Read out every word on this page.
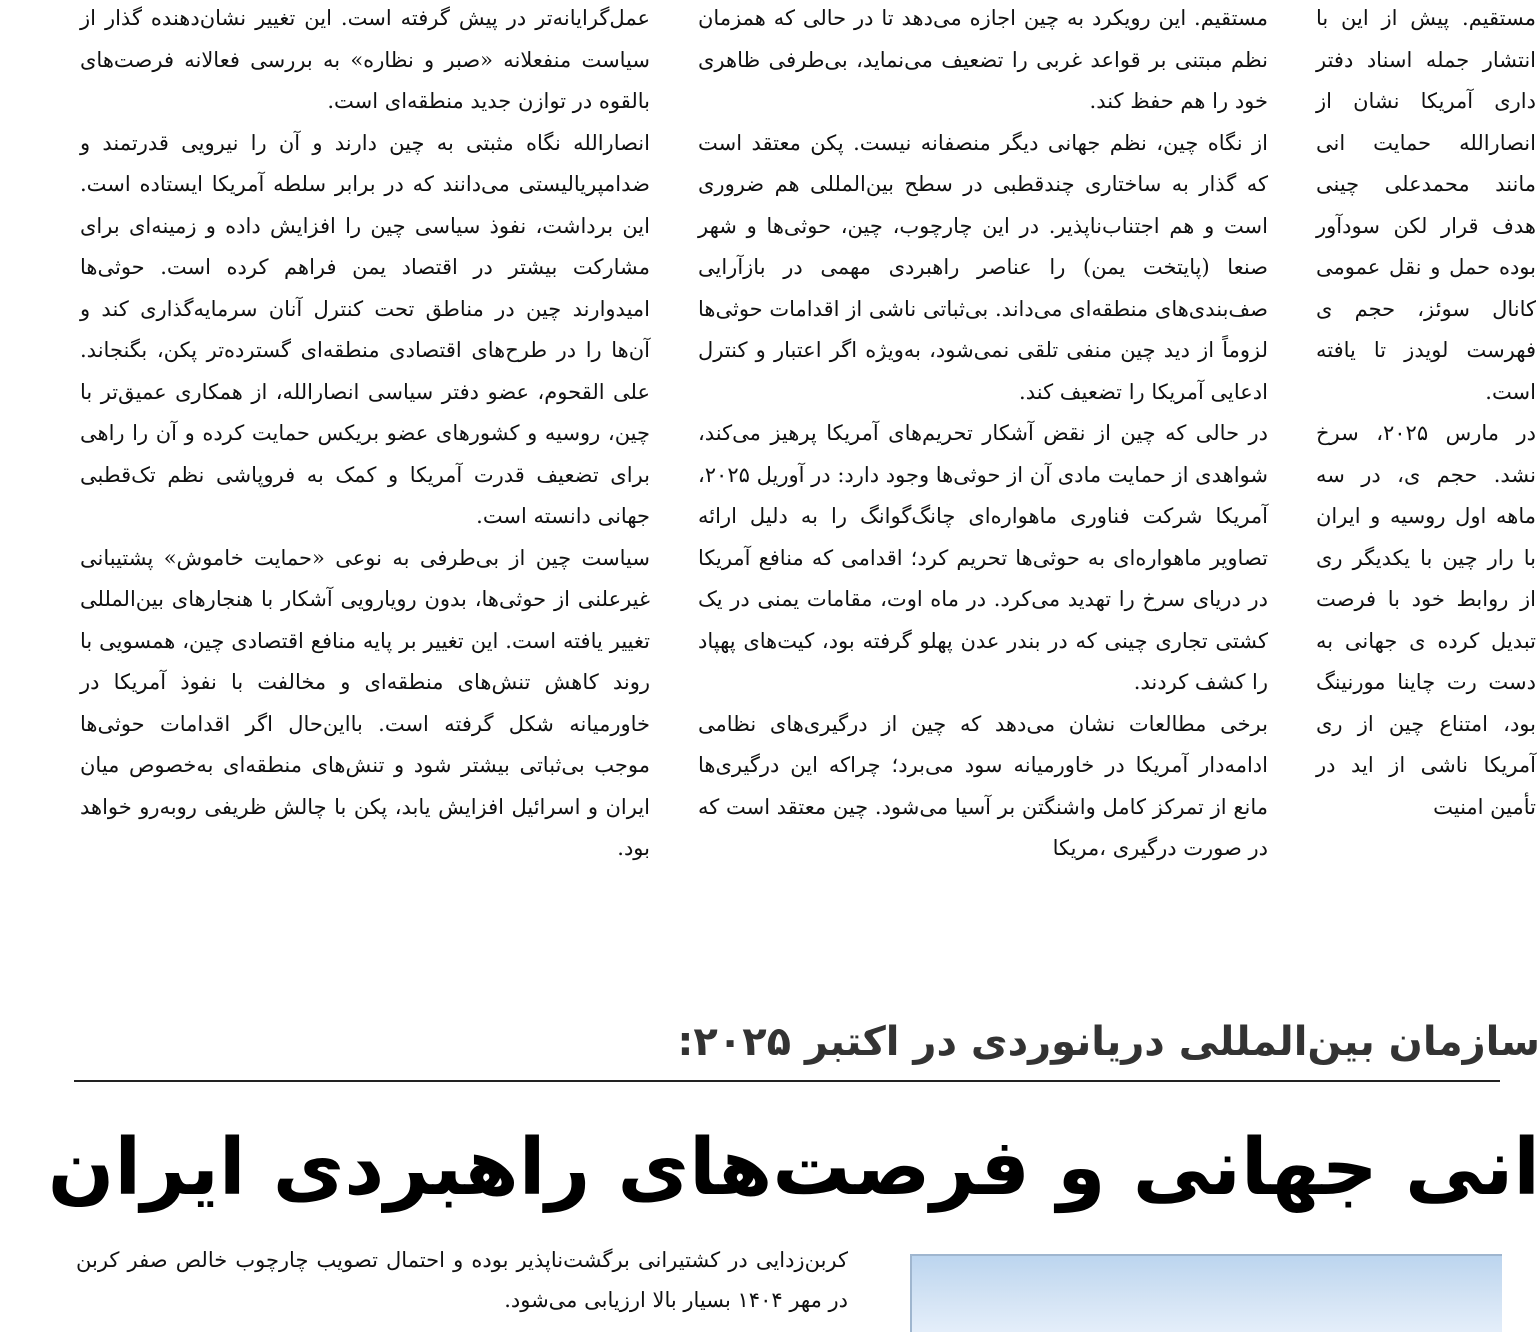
مستقیم. پیش از این با انتشار جمله اسناد دفتر داری آمریکا نشان از انصارالله حمایت انی مانند محمدعلی چینی هدف قرار لکن سودآور بوده حمل و نقل عمومی کانال سوئز، حجم ی فهرست لویدز تا یافته است.

در مارس ۲۰۲۵، سرخ نشد. حجم ی، در سه ماهه اول روسیه و ایران با رار چین با یکدیگر ری از روابط خود با فرصت تبدیل کرده ی جهانی به دست رت چاینا مورنینگ بود، امتناع چین از ری آمریکا ناشی از اید در تأمین امنیت

مستقیم. این رویکرد به چین اجازه می‌دهد تا در حالی که همزمان نظم مبتنی بر قواعد غربی را تضعیف می‌نماید، بی‌طرفی ظاهری خود را هم حفظ کند.

از نگاه چین، نظم جهانی دیگر منصفانه نیست. پکن معتقد است که گذار به ساختاری چندقطبی در سطح بین‌المللی هم ضروری است و هم اجتناب‌ناپذیر. در این چارچوب، چین، حوثی‌ها و شهر صنعا (پایتخت یمن) را عناصر راهبردی مهمی در بازآرایی صف‌بندی‌های منطقه‌ای می‌داند. بی‌ثباتی ناشی از اقدامات حوثی‌ها لزوماً از دید چین منفی تلقی نمی‌شود، به‌ویژه اگر اعتبار و کنترل ادعایی آمریکا را تضعیف کند.

در حالی که چین از نقض آشکار تحریم‌های آمریکا پرهیز می‌کند، شواهدی از حمایت مادی آن از حوثی‌ها وجود دارد: در آوریل ۲۰۲۵، آمریکا شرکت فناوری ماهواره‌ای چانگ‌گوانگ را به دلیل ارائه تصاویر ماهواره‌ای به حوثی‌ها تحریم کرد؛ اقدامی که منافع آمریکا در دریای سرخ را تهدید می‌کرد. در ماه اوت، مقامات یمنی در یک کشتی تجاری چینی که در بندر عدن پهلو گرفته بود، کیت‌های پهپاد را کشف کردند.

برخی مطالعات نشان می‌دهد که چین از درگیری‌های نظامی ادامه‌دار آمریکا در خاورمیانه سود می‌برد؛ چراکه این درگیری‌ها مانع از تمرکز کامل واشنگتن بر آسیا می‌شود. چین معتقد است که در صورت درگیری ،مریکا

عمل‌گرایانه‌تر در پیش گرفته است. این تغییر نشان‌دهنده گذار از سیاست منفعلانه «صبر و نظاره» به بررسی فعالانه فرصت‌های بالقوه در توازن جدید منطقه‌ای است.

انصارالله نگاه مثبتی به چین دارند و آن را نیرویی قدرتمند و ضدامپریالیستی می‌دانند که در برابر سلطه آمریکا ایستاده است. این برداشت، نفوذ سیاسی چین را افزایش داده و زمینه‌ای برای مشارکت بیشتر در اقتصاد یمن فراهم کرده است. حوثی‌ها امیدوارند چین در مناطق تحت کنترل آنان سرمایه‌گذاری کند و آن‌ها را در طرح‌های اقتصادی منطقه‌ای گسترده‌تر پکن، بگنجاند. علی القحوم، عضو دفتر سیاسی انصارالله، از همکاری عمیق‌تر با چین، روسیه و کشورهای عضو بریکس حمایت کرده و آن را راهی برای تضعیف قدرت آمریکا و کمک به فروپاشی نظم تک‌قطبی جهانی دانسته است.

سیاست چین از بی‌طرفی به نوعی «حمایت خاموش» پشتیبانی غیرعلنی از حوثی‌ها، بدون رویارویی آشکار با هنجارهای بین‌المللی تغییر یافته است. این تغییر بر پایه منافع اقتصادی چین، همسویی با روند کاهش تنش‌های منطقه‌ای و مخالفت با نفوذ آمریکا در خاورمیانه شکل گرفته است. بااین‌حال اگر اقدامات حوثی‌ها موجب بی‌ثباتی بیشتر شود و تنش‌های منطقه‌ای به‌خصوص میان ایران و اسرائیل افزایش یابد، پکن با چالش ظریفی روبه‌رو خواهد بود.

سازمان بین‌المللی دریانوردی در اکتبر ۲۰۲۵:
انی جهانی و فرصت‌های راهبردی ایران
کربن‌زدایی در کشتیرانی برگشت‌ناپذیر بوده و احتمال تصویب چارچوب خالص صفر کربن در مهر ۱۴۰۴ بسیار بالا ارزیابی می‌شود.
